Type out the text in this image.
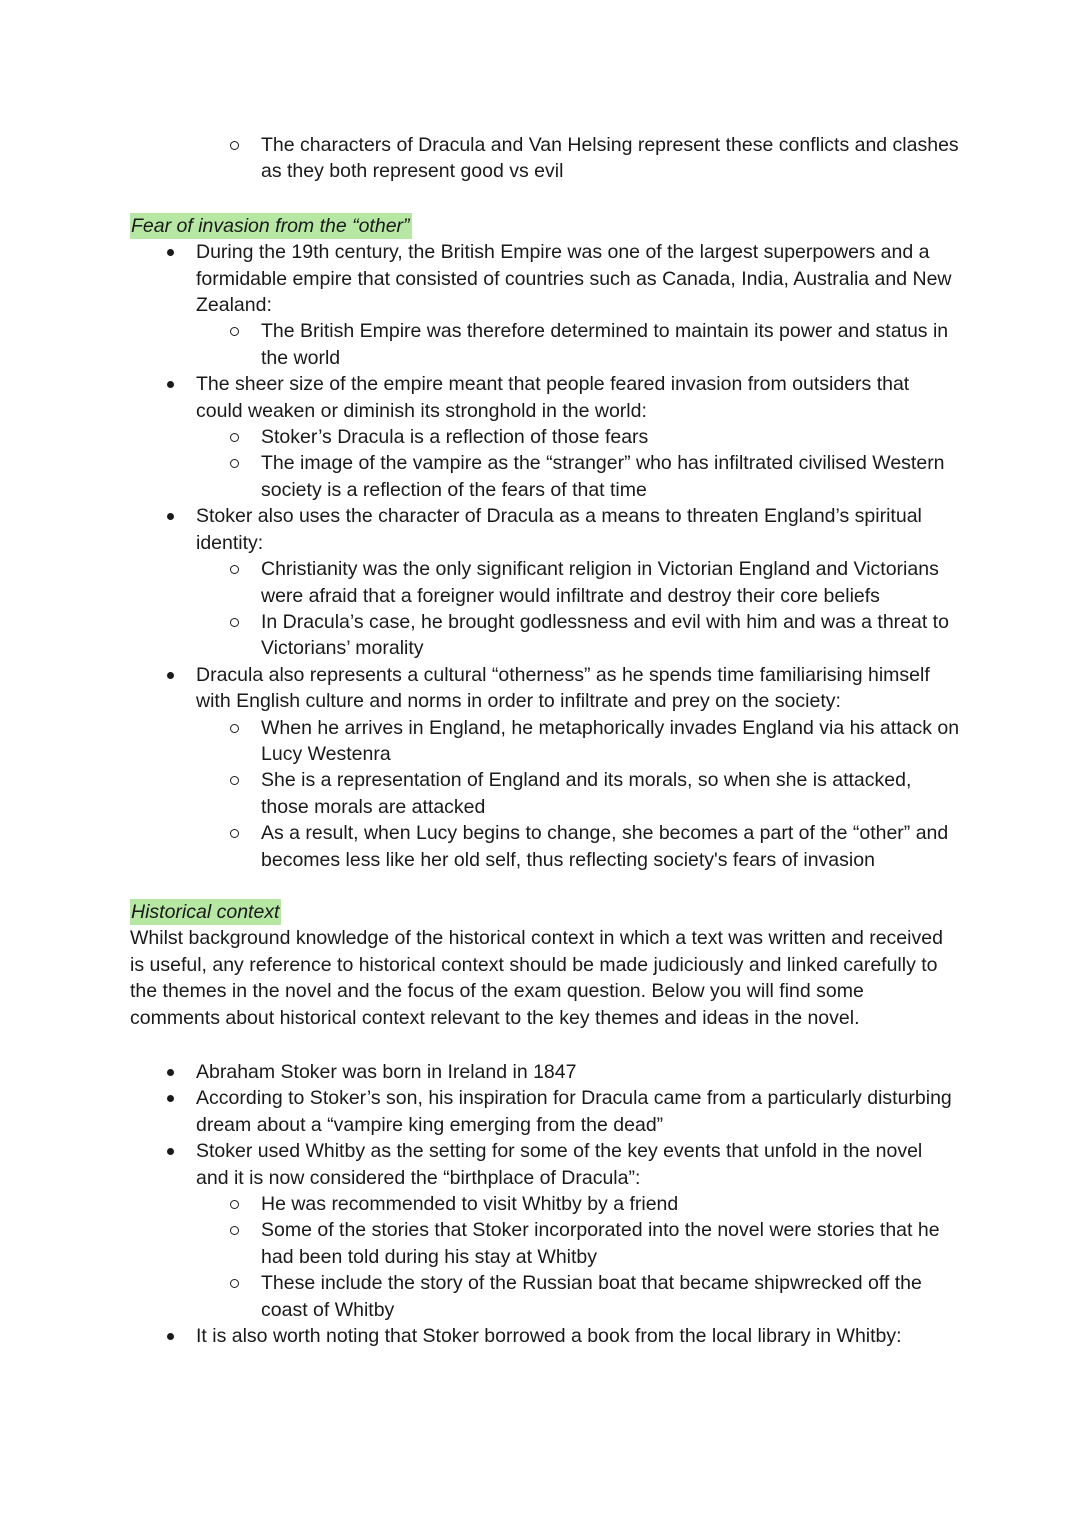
The characters of Dracula and Van Helsing represent these conflicts and clashes as they both represent good vs evil
Fear of invasion from the “other”
During the 19th century, the British Empire was one of the largest superpowers and a formidable empire that consisted of countries such as Canada, India, Australia and New Zealand:
The British Empire was therefore determined to maintain its power and status in the world
The sheer size of the empire meant that people feared invasion from outsiders that could weaken or diminish its stronghold in the world:
Stoker’s Dracula is a reflection of those fears
The image of the vampire as the “stranger” who has infiltrated civilised Western society is a reflection of the fears of that time
Stoker also uses the character of Dracula as a means to threaten England’s spiritual identity:
Christianity was the only significant religion in Victorian England and Victorians were afraid that a foreigner would infiltrate and destroy their core beliefs
In Dracula’s case, he brought godlessness and evil with him and was a threat to Victorians’ morality
Dracula also represents a cultural “otherness” as he spends time familiarising himself with English culture and norms in order to infiltrate and prey on the society:
When he arrives in England, he metaphorically invades England via his attack on Lucy Westenra
She is a representation of England and its morals, so when she is attacked, those morals are attacked
As a result, when Lucy begins to change, she becomes a part of the “other” and becomes less like her old self, thus reflecting society's fears of invasion
Historical context
Whilst background knowledge of the historical context in which a text was written and received is useful, any reference to historical context should be made judiciously and linked carefully to the themes in the novel and the focus of the exam question. Below you will find some comments about historical context relevant to the key themes and ideas in the novel.
Abraham Stoker was born in Ireland in 1847
According to Stoker’s son, his inspiration for Dracula came from a particularly disturbing dream about a “vampire king emerging from the dead”
Stoker used Whitby as the setting for some of the key events that unfold in the novel and it is now considered the “birthplace of Dracula”:
He was recommended to visit Whitby by a friend
Some of the stories that Stoker incorporated into the novel were stories that he had been told during his stay at Whitby
These include the story of the Russian boat that became shipwrecked off the coast of Whitby
It is also worth noting that Stoker borrowed a book from the local library in Whitby:
